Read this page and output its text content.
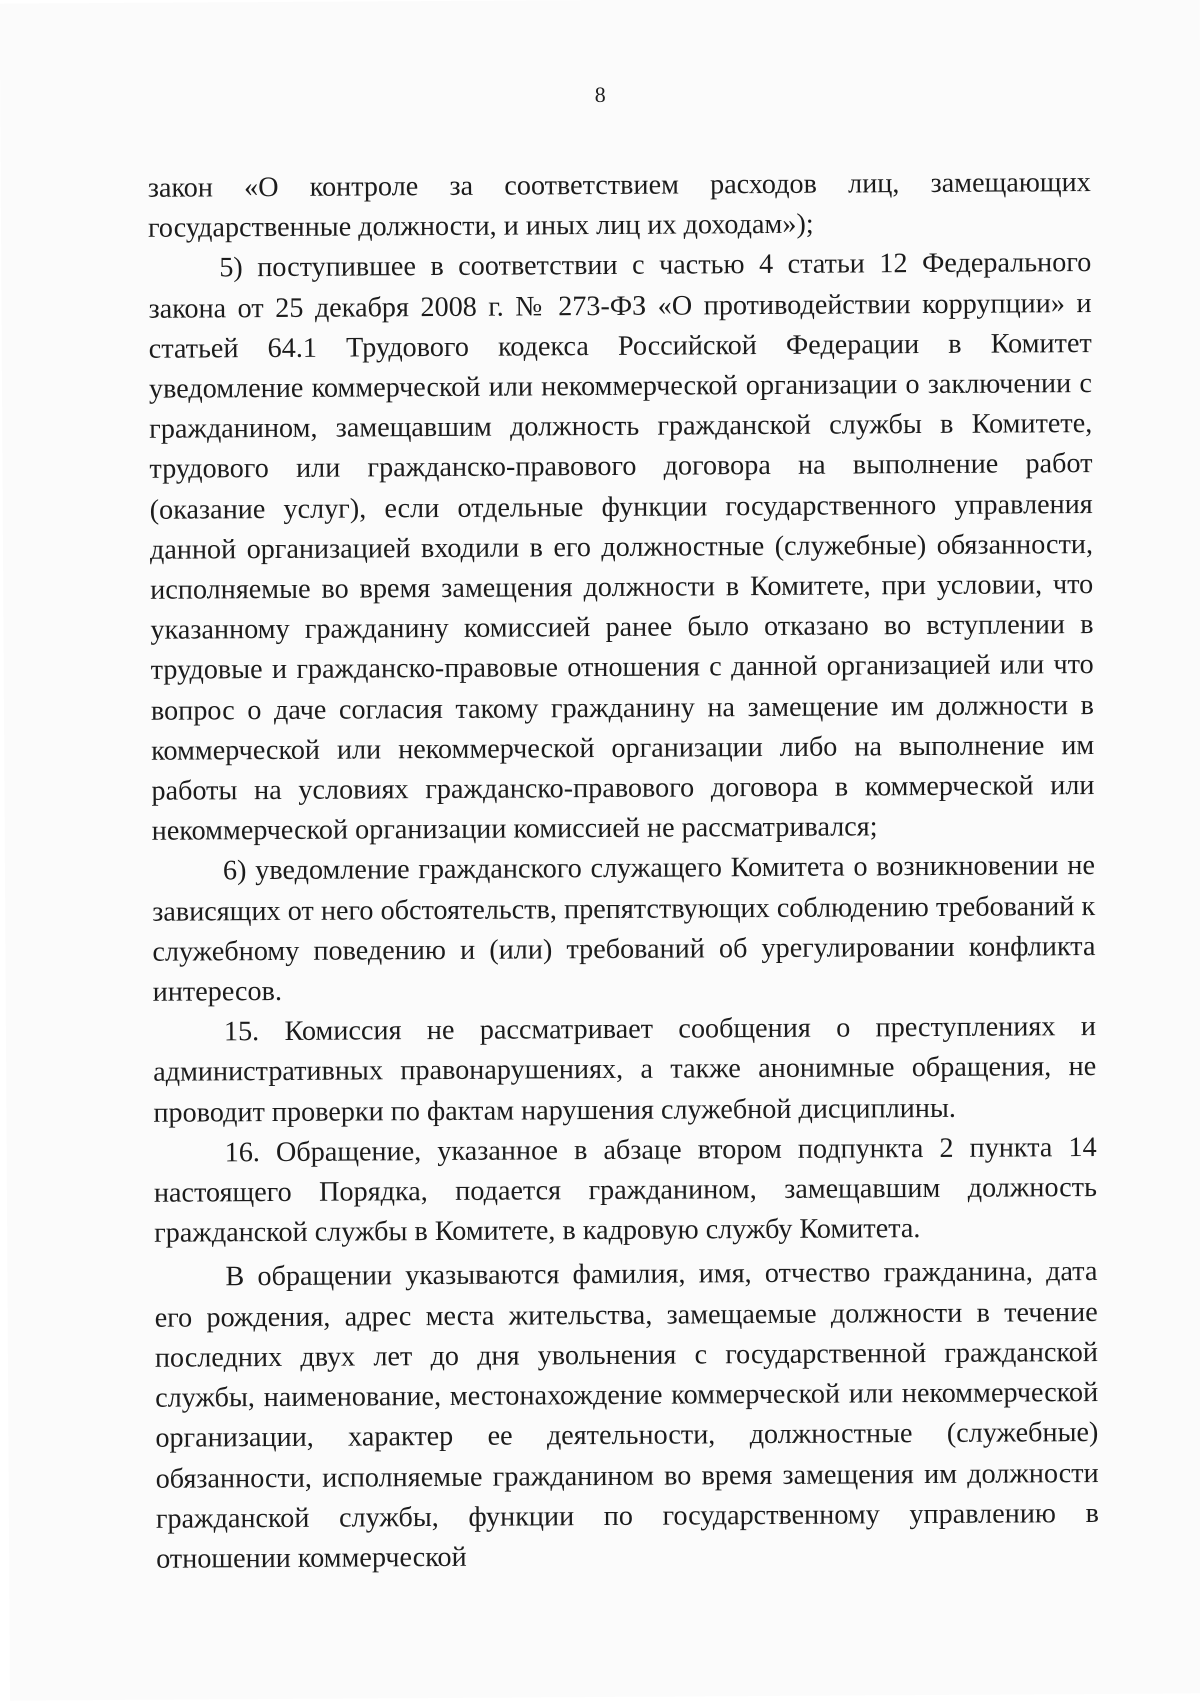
8

закон «О контроле за соответствием расходов лиц, замещающих государственные должности, и иных лиц их доходам»);

5) поступившее в соответствии с частью 4 статьи 12 Федерального закона от 25 декабря 2008 г. № 273-ФЗ «О противодействии коррупции» и статьей 64.1 Трудового кодекса Российской Федерации в Комитет уведомление коммерческой или некоммерческой организации о заключении с гражданином, замещавшим должность гражданской службы в Комитете, трудового или гражданско-правового договора на выполнение работ (оказание услуг), если отдельные функции государственного управления данной организацией входили в его должностные (служебные) обязанности, исполняемые во время замещения должности в Комитете, при условии, что указанному гражданину комиссией ранее было отказано во вступлении в трудовые и гражданско-правовые отношения с данной организацией или что вопрос о даче согласия такому гражданину на замещение им должности в коммерческой или некоммерческой организации либо на выполнение им работы на условиях гражданско-правового договора в коммерческой или некоммерческой организации комиссией не рассматривался;

6) уведомление гражданского служащего Комитета о возникновении не зависящих от него обстоятельств, препятствующих соблюдению требований к служебному поведению и (или) требований об урегулировании конфликта интересов.

15. Комиссия не рассматривает сообщения о преступлениях и административных правонарушениях, а также анонимные обращения, не проводит проверки по фактам нарушения служебной дисциплины.

16. Обращение, указанное в абзаце втором подпункта 2 пункта 14 настоящего Порядка, подается гражданином, замещавшим должность гражданской службы в Комитете, в кадровую службу Комитета.

В обращении указываются фамилия, имя, отчество гражданина, дата его рождения, адрес места жительства, замещаемые должности в течение последних двух лет до дня увольнения с государственной гражданской службы, наименование, местонахождение коммерческой или некоммерческой организации, характер ее деятельности, должностные (служебные) обязанности, исполняемые гражданином во время замещения им должности гражданской службы, функции по государственному управлению в отношении коммерческой
